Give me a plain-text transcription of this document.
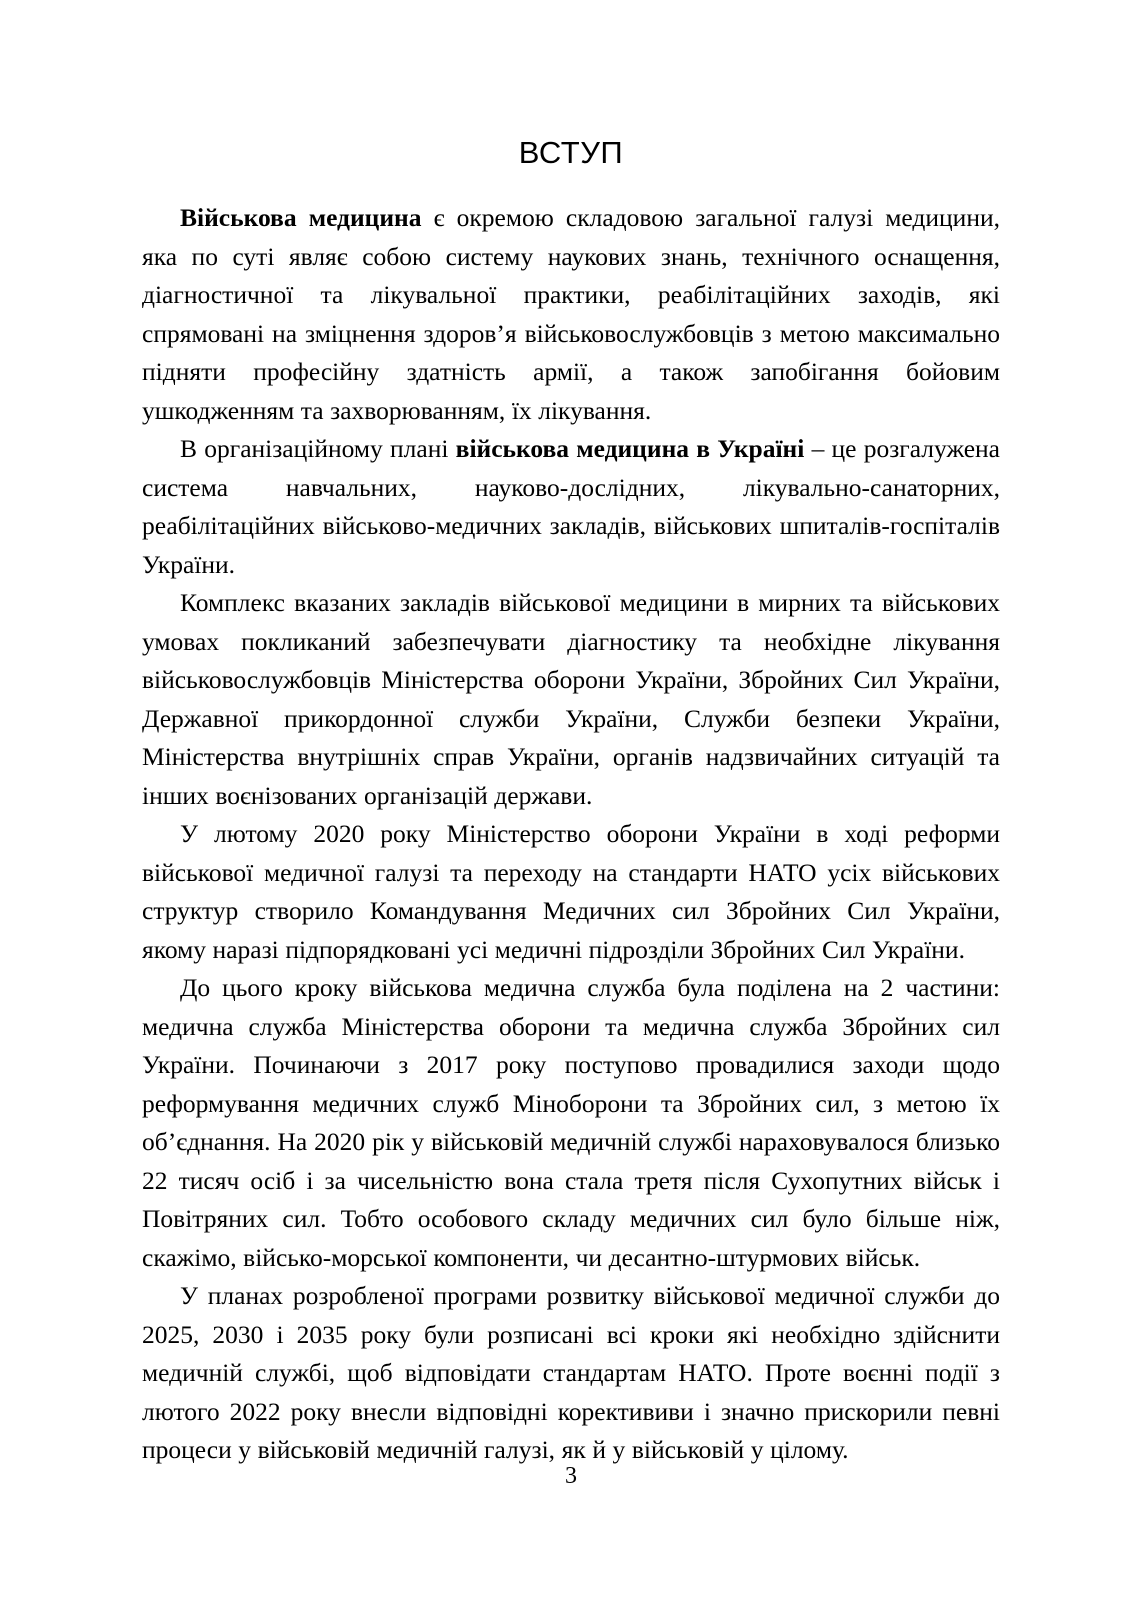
ВСТУП

Військова медицина є окремою складовою загальної галузі медицини, яка по суті являє собою систему наукових знань, технічного оснащення, діагностичної та лікувальної практики, реабілітаційних заходів, які спрямовані на зміцнення здоров’я військовослужбовців з метою максимально підняти професійну здатність армії, а також запобігання бойовим ушкодженням та захворюванням, їх лікування.

В організаційному плані військова медицина в Україні – це розгалужена система навчальних, науково-дослідних, лікувально-санаторних, реабілітаційних військово-медичних закладів, військових шпиталів-госпіталів України.

Комплекс вказаних закладів військової медицини в мирних та військових умовах покликаний забезпечувати діагностику та необхідне лікування військовослужбовців Міністерства оборони України, Збройних Сил України, Державної прикордонної служби України, Служби безпеки України, Міністерства внутрішніх справ України, органів надзвичайних ситуацій та інших воєнізованих організацій держави.

У лютому 2020 року Міністерство оборони України в ході реформи військової медичної галузі та переходу на стандарти НАТО усіх військових структур створило Командування Медичних сил Збройних Сил України, якому наразі підпорядковані усі медичні підрозділи Збройних Сил України.

До цього кроку військова медична служба була поділена на 2 частини: медична служба Міністерства оборони та медична служба Збройних сил України. Починаючи з 2017 року поступово провадилися заходи щодо реформування медичних служб Міноборони та Збройних сил, з метою їх об’єднання. На 2020 рік у військовій медичній службі нараховувалося близько 22 тисяч осіб і за чисельністю вона стала третя після Сухопутних військ і Повітряних сил. Тобто особового складу медичних сил було більше ніж, скажімо, військо-морської компоненти, чи десантно-штурмових військ.

У планах розробленої програми розвитку військової медичної служби до 2025, 2030 і 2035 року були розписані всі кроки які необхідно здійснити медичній службі, щоб відповідати стандартам НАТО. Проте воєнні події з лютого 2022 року внесли відповідні коректививи і значно прискорили певні процеси у військовій медичній галузі, як й у військовій у цілому.

3
